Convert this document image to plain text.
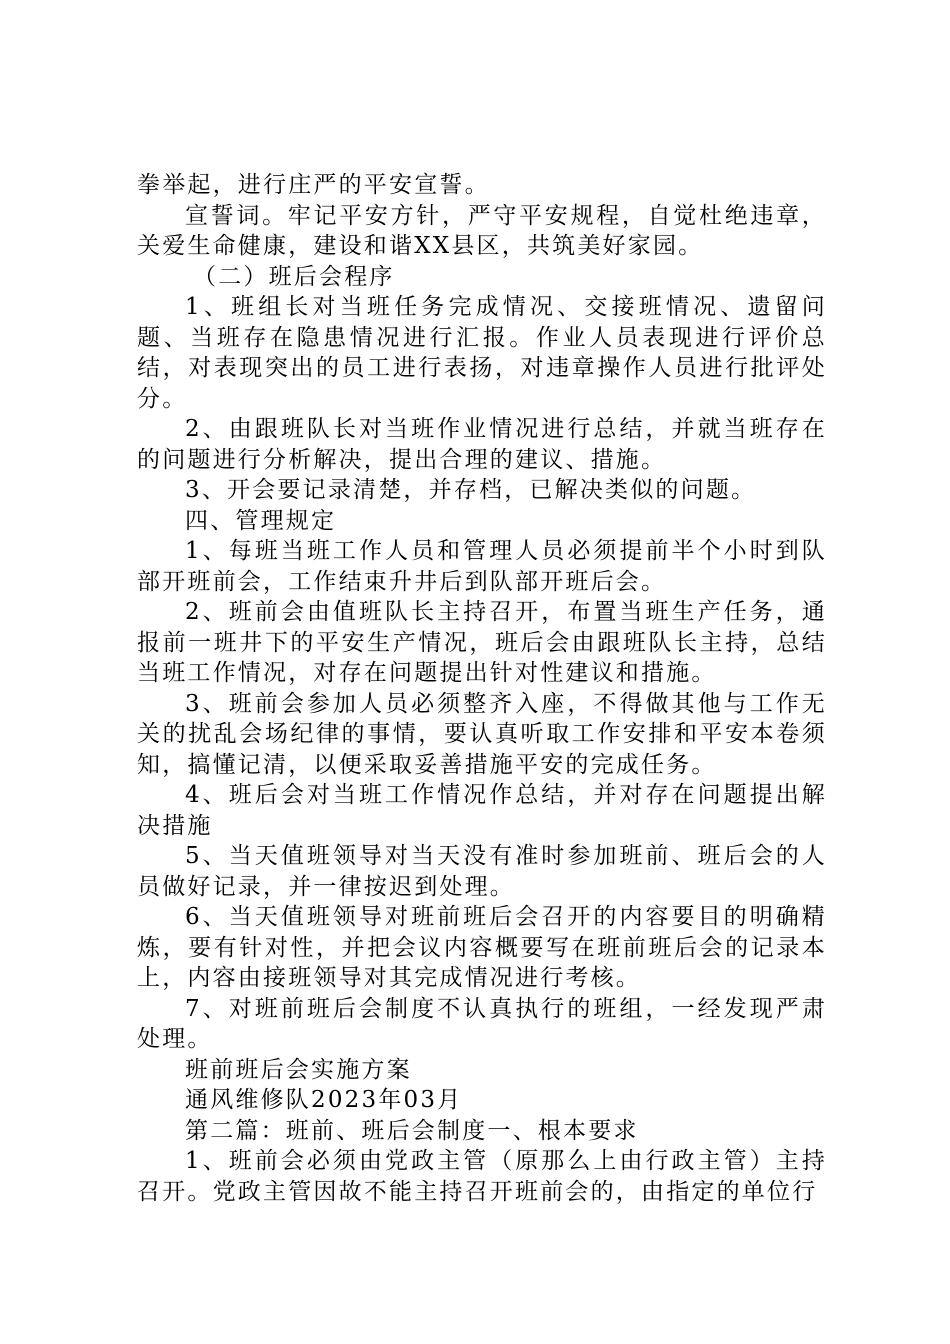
拳举起，进行庄严的平安宣誓。

宣誓词。牢记平安方针，严守平安规程，自觉杜绝违章，关爱生命健康，建设和谐XX县区，共筑美好家园。

（二）班后会程序

1、班组长对当班任务完成情况、交接班情况、遗留问题、当班存在隐患情况进行汇报。作业人员表现进行评价总结，对表现突出的员工进行表扬，对违章操作人员进行批评处分。

2、由跟班队长对当班作业情况进行总结，并就当班存在的问题进行分析解决，提出合理的建议、措施。

3、开会要记录清楚，并存档，已解决类似的问题。

四、管理规定

1、每班当班工作人员和管理人员必须提前半个小时到队部开班前会，工作结束升井后到队部开班后会。

2、班前会由值班队长主持召开，布置当班生产任务，通报前一班井下的平安生产情况，班后会由跟班队长主持，总结当班工作情况，对存在问题提出针对性建议和措施。

3、班前会参加人员必须整齐入座，不得做其他与工作无关的扰乱会场纪律的事情，要认真听取工作安排和平安本卷须知，搞懂记清，以便采取妥善措施平安的完成任务。

4、班后会对当班工作情况作总结，并对存在问题提出解决措施

5、当天值班领导对当天没有准时参加班前、班后会的人员做好记录，并一律按迟到处理。

6、当天值班领导对班前班后会召开的内容要目的明确精炼，要有针对性，并把会议内容概要写在班前班后会的记录本上，内容由接班领导对其完成情况进行考核。

7、对班前班后会制度不认真执行的班组，一经发现严肃处理。

班前班后会实施方案

通风维修队2023年03月

第二篇：班前、班后会制度一、根本要求

1、班前会必须由党政主管（原那么上由行政主管）主持召开。党政主管因故不能主持召开班前会的，由指定的单位行
